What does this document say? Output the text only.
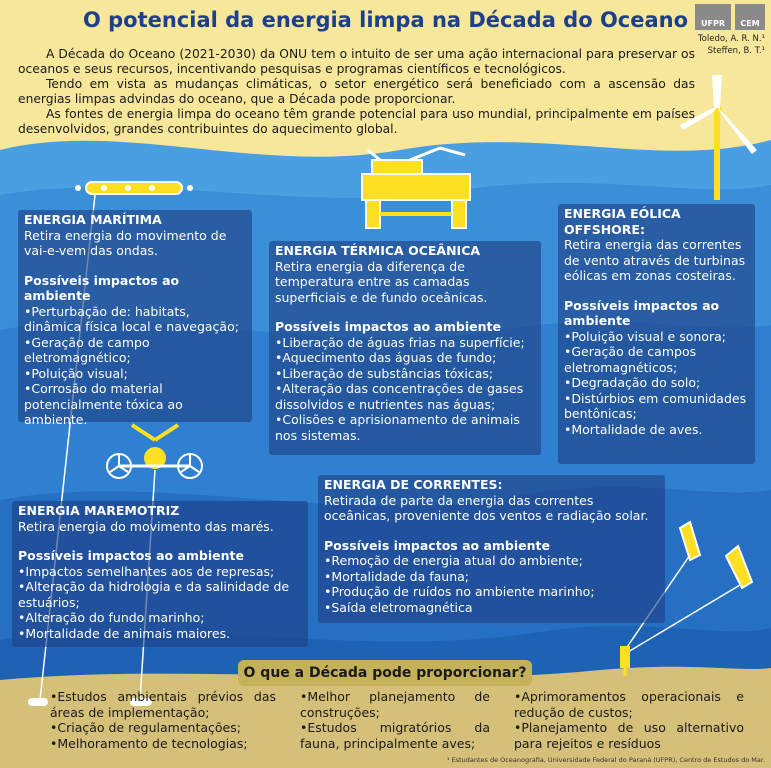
O potencial da energia limpa na Década do Oceano	UFPR	CEM
Toledo, A. R. N.¹
Steffen, B. T.¹

A Década do Oceano (2021-2030) da ONU tem o intuito de ser uma ação internacional para preservar os oceanos e seus recursos, incentivando pesquisas e programas científicos e tecnológicos.

Tendo em vista as mudanças climáticas, o setor energético será beneficiado com a ascensão das energias limpas advindas do oceano, que a Década pode proporcionar.

As fontes de energia limpa do oceano têm grande potencial para uso mundial, principalmente em países desenvolvidos, grandes contribuintes do aquecimento global.

ENERGIA MARÍTIMA

Retira energia do movimento de vai-e-vem das ondas.

Possíveis impactos ao ambiente
• Perturbação de: habitats, dinâmica física local e navegação;
• Geração de campo eletromagnético;
• Poluição visual;
• Corrosão do material potencialmente tóxica ao ambiente.
ENERGIA TÉRMICA OCEÂNICA

Retira energia da diferença de temperatura entre as camadas superficiais e de fundo oceânicas.

Possíveis impactos ao ambiente
• Liberação de águas frias na superfície;
• Aquecimento das águas de fundo;
• Liberação de substâncias tóxicas;
• Alteração das concentrações de gases dissolvidos e nutrientes nas águas;
• Colisões e aprisionamento de animais nos sistemas.
ENERGIA EÓLICA OFFSHORE:

Retira energia das correntes de vento através de turbinas eólicas em zonas costeiras.

Possíveis impactos ao ambiente
• Poluição visual e sonora;
• Geração de campos eletromagnéticos;
• Degradação do solo;
• Distúrbios em comunidades bentônicas;
• Mortalidade de aves.
ENERGIA MAREMOTRIZ

Retira energia do movimento das marés.

Possíveis impactos ao ambiente
• Impactos semelhantes aos de represas;
• Alteração da hidrologia e da salinidade de estuários;
• Alteração do fundo marinho;
• Mortalidade de animais maiores.
ENERGIA DE CORRENTES:

Retirada de parte da energia das correntes oceânicas, proveniente dos ventos e radiação solar.

Possíveis impactos ao ambiente
• Remoção de energia atual do ambiente;
• Mortalidade da fauna;
• Produção de ruídos no ambiente marinho;
• Saída eletromagnética
O que a Década pode proporcionar?
• Estudos ambientais prévios das áreas de implementação;
• Criação de regulamentações;
• Melhoramento de tecnologias;
• Melhor planejamento de construções;
• Estudos migratórios da fauna, principalmente aves;
• Aprimoramentos operacionais e redução de custos;
• Planejamento de uso alternativo para rejeitos e resíduos
¹ Estudantes de Oceanografia, Universidade Federal do Paraná (UFPR), Centro de Estudos do Mar.
